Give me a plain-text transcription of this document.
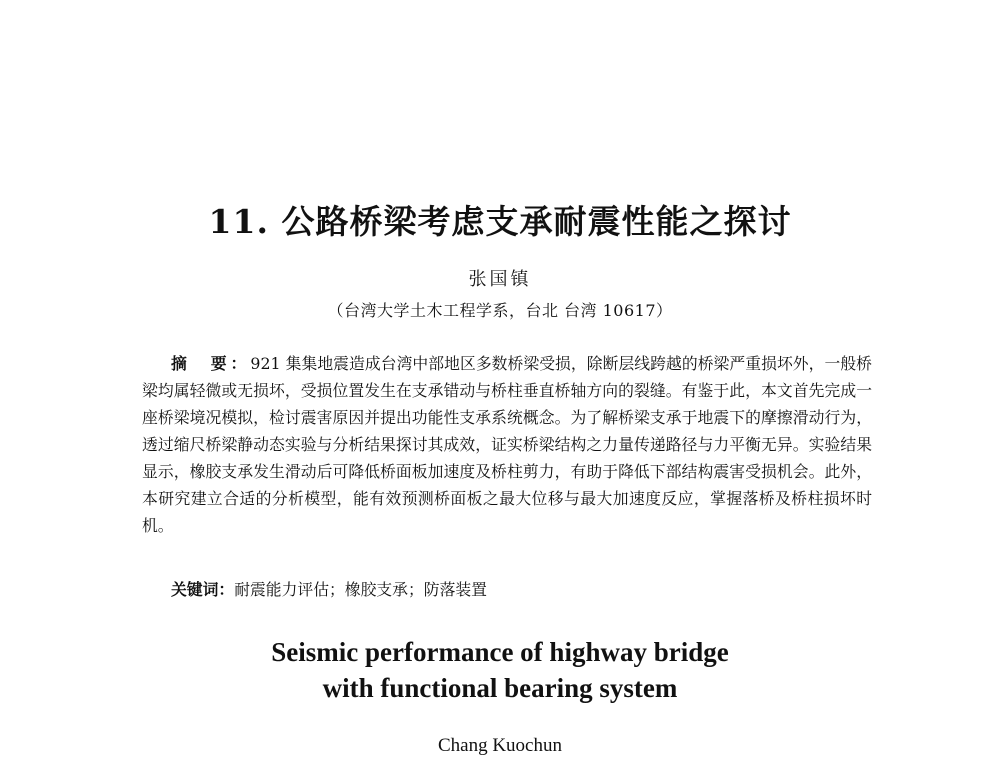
11. 公路桥梁考虑支承耐震性能之探讨
张国镇
（台湾大学土木工程学系，台北 台湾 10617）

摘　要：921 集集地震造成台湾中部地区多数桥梁受损，除断层线跨越的桥梁严重损坏外，一般桥梁均属轻微或无损坏，受损位置发生在支承错动与桥柱垂直桥轴方向的裂缝。有鉴于此，本文首先完成一座桥梁境况模拟，检讨震害原因并提出功能性支承系统概念。为了解桥梁支承于地震下的摩擦滑动行为，透过缩尺桥梁静动态实验与分析结果探讨其成效，证实桥梁结构之力量传递路径与力平衡无异。实验结果显示，橡胶支承发生滑动后可降低桥面板加速度及桥柱剪力，有助于降低下部结构震害受损机会。此外，本研究建立合适的分析模型，能有效预测桥面板之最大位移与最大加速度反应，掌握落桥及桥柱损坏时机。

关键词：耐震能力评估；橡胶支承；防落装置
Seismic performance of highway bridge
with functional bearing system
Chang Kuochun
